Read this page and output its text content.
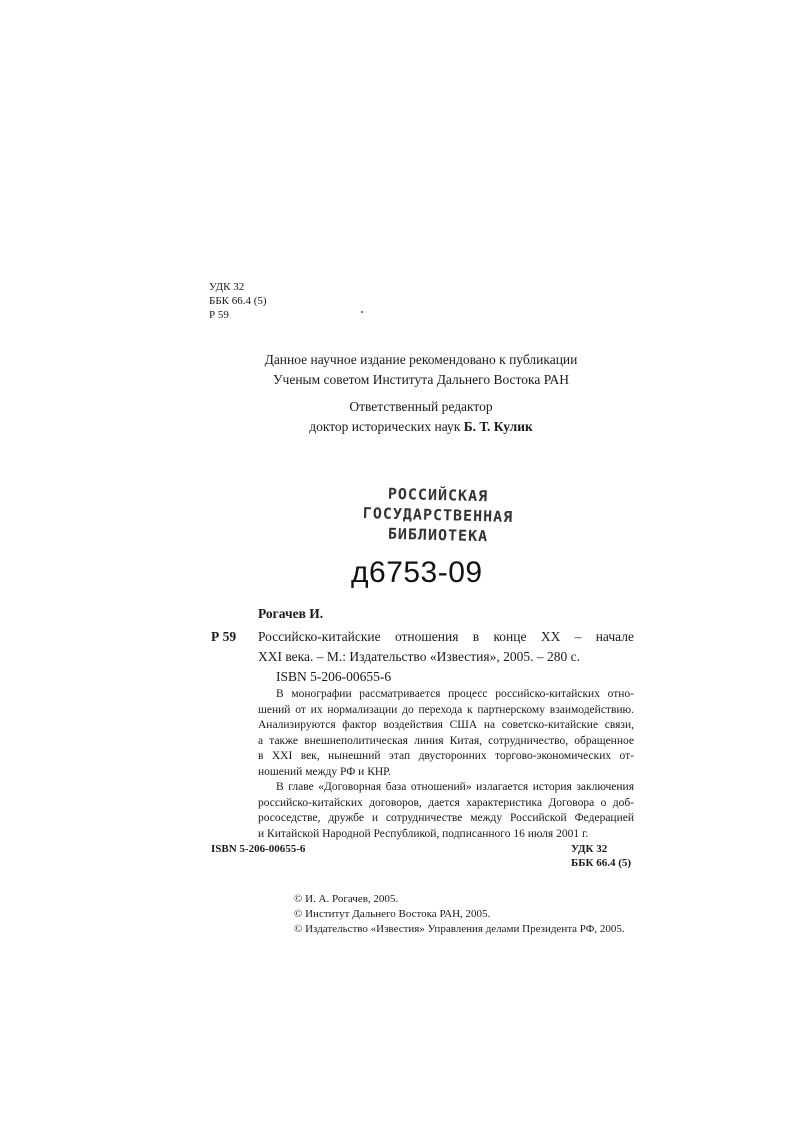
УДК 32
ББК 66.4 (5)
Р 59
Данное научное издание рекомендовано к публикации
Ученым советом Института Дальнего Востока РАН
Ответственный редактор
доктор исторических наук Б. Т. Кулик
РОССИЙСКАЯ
ГОСУДАРСТВЕННАЯ
БИБЛИОТЕКА
д6753-09
Рогачев И.
Р 59 Российско-китайские отношения в конце XX – начале
XXI века. – М.: Издательство «Известия», 2005. – 280 с.
ISBN 5-206-00655-6

В монографии рассматривается процесс российско-китайских отно-

шений от их нормализации до перехода к партнерскому взаимодействию.

Анализируются фактор воздействия США на советско-китайские связи,

а также внешнеполитическая линия Китая, сотрудничество, обращенное

в XXI век, нынешний этап двусторонних торгово-экономических от-

ношений между РФ и КНР.

В главе «Договорная база отношений» излагается история заключения

российско-китайских договоров, дается характеристика Договора о доб-

рососедстве, дружбе и сотрудничестве между Российской Федерацией

и Китайской Народной Республикой, подписанного 16 июля 2001 г.

ISBN 5-206-00655-6	УДК 32
ББК 66.4 (5)
© И. А. Рогачев, 2005.
© Институт Дальнего Востока РАН, 2005.
© Издательство «Известия» Управления делами Президента РФ, 2005.
